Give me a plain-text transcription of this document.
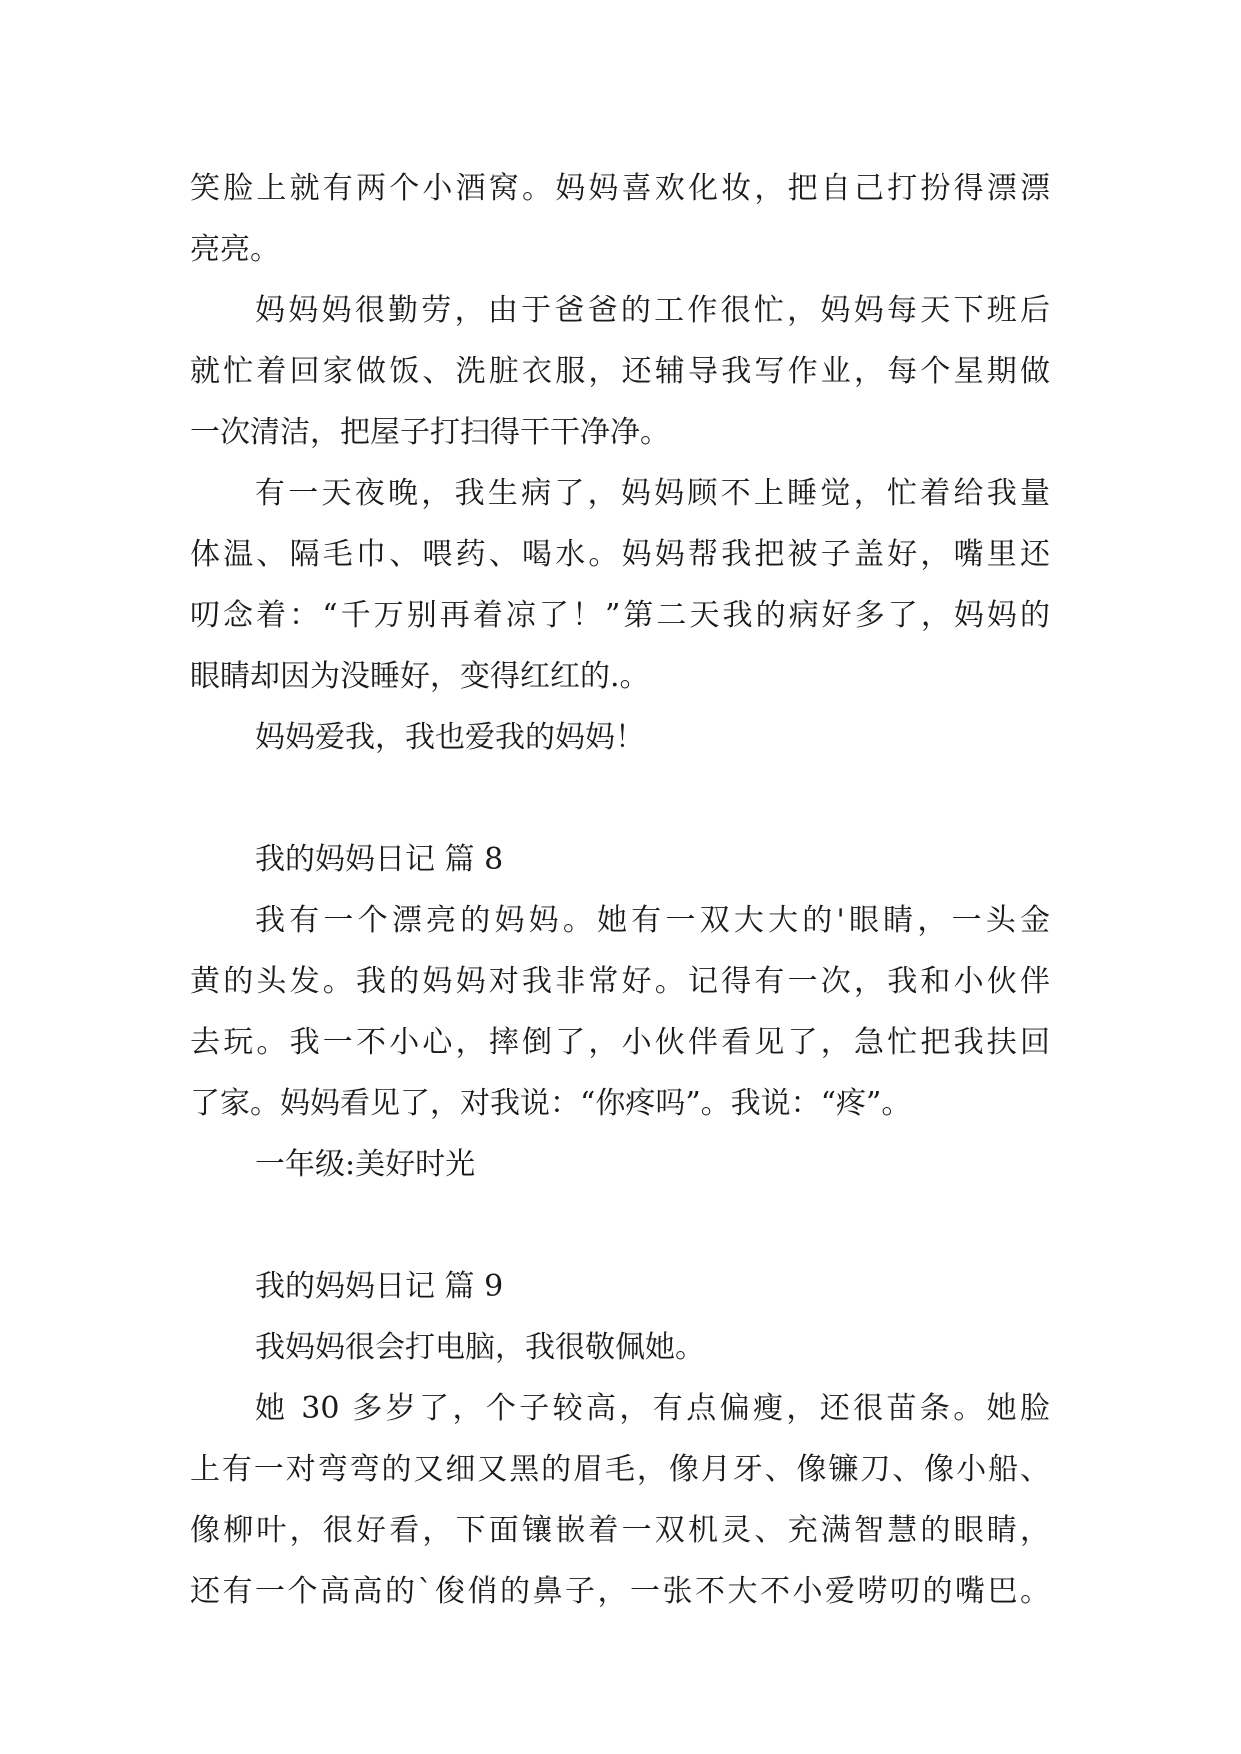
笑脸上就有两个小酒窝。妈妈喜欢化妆，把自己打扮得漂漂

亮亮。

妈妈妈很勤劳，由于爸爸的工作很忙，妈妈每天下班后

就忙着回家做饭、洗脏衣服，还辅导我写作业，每个星期做

一次清洁，把屋子打扫得干干净净。

有一天夜晚，我生病了，妈妈顾不上睡觉，忙着给我量

体温、隔毛巾、喂药、喝水。妈妈帮我把被子盖好，嘴里还

叨念着：“千万别再着凉了！”第二天我的病好多了，妈妈的

眼睛却因为没睡好，变得红红的.。

妈妈爱我，我也爱我的妈妈！

我的妈妈日记 篇 8

我有一个漂亮的妈妈。她有一双大大的'眼睛，一头金

黄的头发。我的妈妈对我非常好。记得有一次，我和小伙伴

去玩。我一不小心，摔倒了，小伙伴看见了，急忙把我扶回

了家。妈妈看见了，对我说：“你疼吗”。我说：“疼”。

一年级:美好时光

我的妈妈日记 篇 9

我妈妈很会打电脑，我很敬佩她。

她 30 多岁了，个子较高，有点偏瘦，还很苗条。她脸

上有一对弯弯的又细又黑的眉毛，像月牙、像镰刀、像小船、

像柳叶，很好看，下面镶嵌着一双机灵、充满智慧的眼睛，

还有一个高高的`俊俏的鼻子，一张不大不小爱唠叨的嘴巴。
